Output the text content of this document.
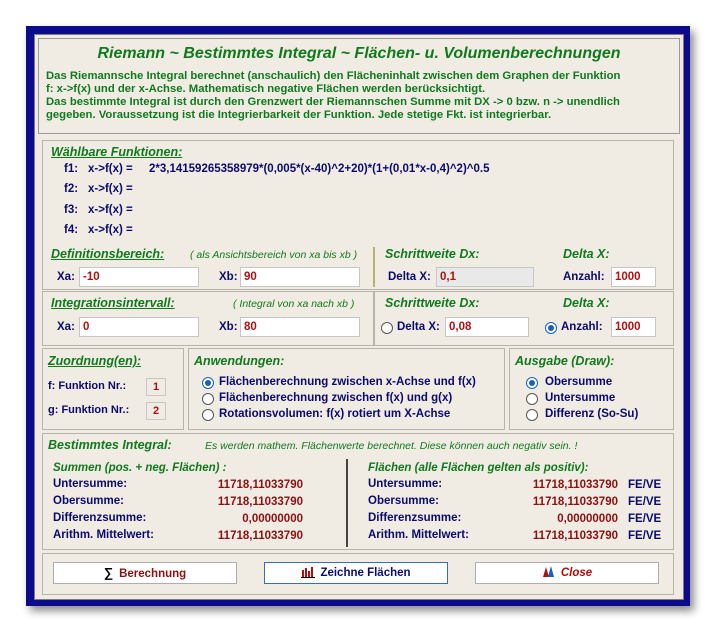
Riemann ~ Bestimmtes Integral ~ Flächen- u. Volumenberechnungen
Das Riemannsche Integral berechnet (anschaulich) den Flächeninhalt zwischen dem Graphen der Funktion
f: x->f(x) und der x-Achse. Mathematisch negative Flächen werden berücksichtigt.
Das bestimmte Integral ist durch den Grenzwert der Riemannschen Summe mit DX -> 0 bzw. n -> unendlich
gegeben. Voraussetzung ist die Integrierbarkeit der Funktion. Jede stetige Fkt. ist integrierbar.
Wählbare Funktionen:
f1: x->f(x) = 2*3,14159265358979*(0,005*(x-40)^2+20)*(1+(0,01*x-0,4)^2)^0.5
f2: x->f(x) =
f3: x->f(x) =
f4: x->f(x) =
Definitionsbereich: ( als Ansichtsbereich von xa bis xb )
Xa: -10	Xb: 90
Schrittweite Dx:	Delta X:
Delta X: 0,1	Anzahl: 1000
Integrationsintervall:	( Integral von xa nach xb )
Xa: 0	Xb: 80
Schrittweite Dx:	Delta X:
Delta X: 0,08	Anzahl:	1000
Zuordnung(en):
f: Funktion Nr.:	1
g: Funktion Nr.:	2
Anwendungen:
Flächenberechnung zwischen x-Achse und f(x)
Flächenberechnung zwischen f(x) und g(x)
Rotationsvolumen: f(x) rotiert um X-Achse
Ausgabe (Draw):
Obersumme
Untersumme
Differenz (So-Su)
Bestimmtes Integral:	Es werden mathem. Flächenwerte berechnet. Diese können auch negativ sein. !
Summen (pos. + neg. Flächen) :
Untersumme:	11718,11033790
Obersumme:	11718,11033790
Differenzsumme:	0,00000000
Arithm. Mittelwert:	11718,11033790
Flächen (alle Flächen gelten als positiv):
Untersumme:	11718,11033790 FE/VE
Obersumme:	11718,11033790 FE/VE
Differenzsumme:	0,00000000 FE/VE
Arithm. Mittelwert:	11718,11033790 FE/VE
∑ Berechnung	Zeichne Flächen	Close
